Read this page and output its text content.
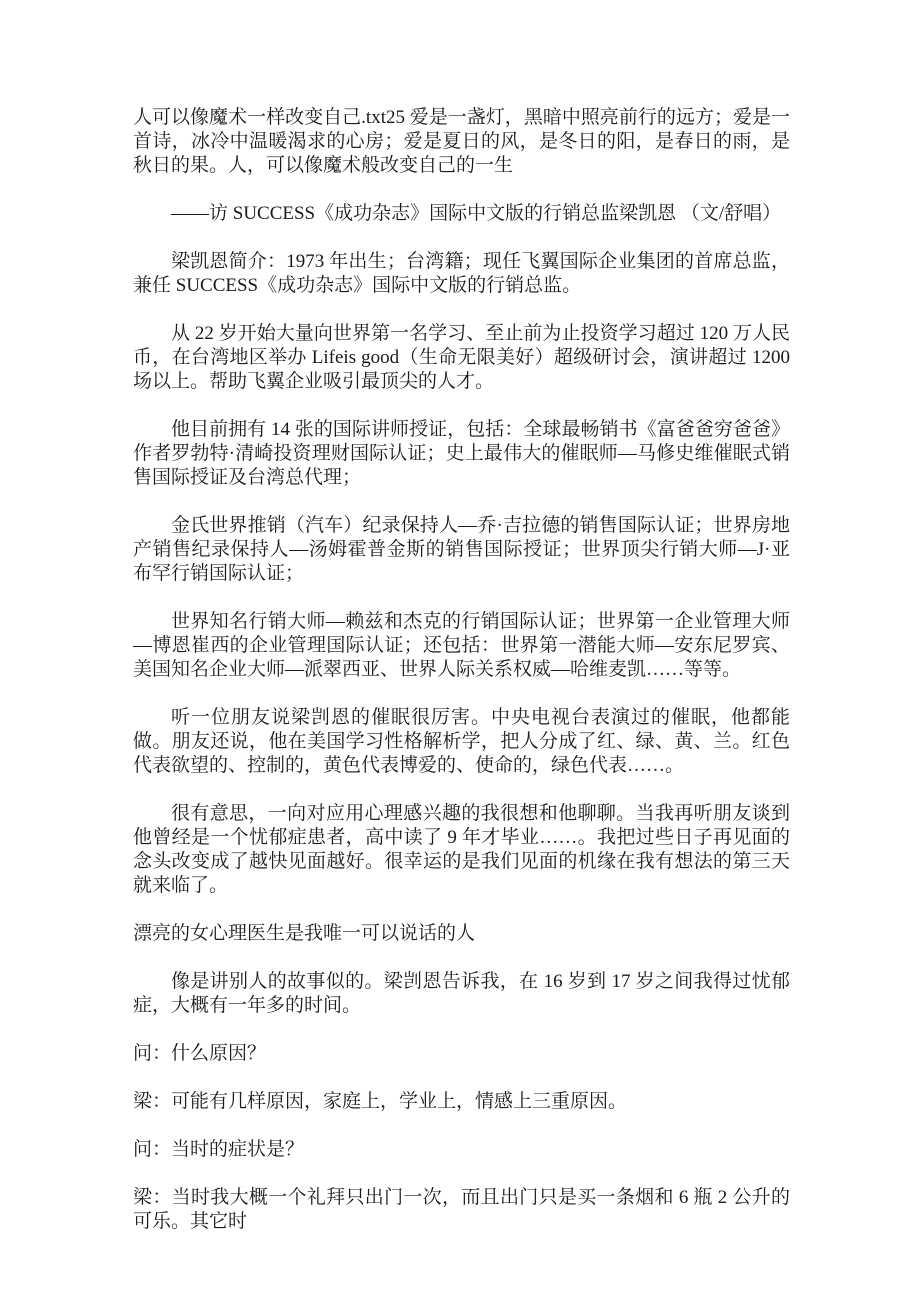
人可以像魔术一样改变自己.txt25 爱是一盏灯，黑暗中照亮前行的远方；爱是一首诗，冰冷中温暖渴求的心房；爱是夏日的风，是冬日的阳，是春日的雨，是秋日的果。人，可以像魔术般改变自己的一生

——访 SUCCESS《成功杂志》国际中文版的行销总监梁凯恩 （文/舒唱）

梁凯恩简介：1973 年出生；台湾籍；现任飞翼国际企业集团的首席总监，兼任 SUCCESS《成功杂志》国际中文版的行销总监。

从 22 岁开始大量向世界第一名学习、至止前为止投资学习超过 120 万人民币，在台湾地区举办 Lifeis good（生命无限美好）超级研讨会，演讲超过 1200 场以上。帮助飞翼企业吸引最顶尖的人才。

他目前拥有 14 张的国际讲师授证，包括：全球最畅销书《富爸爸穷爸爸》作者罗勃特·清崎投资理财国际认证；史上最伟大的催眠师—马修史维催眠式销售国际授证及台湾总代理；

金氏世界推销（汽车）纪录保持人—乔·吉拉德的销售国际认证；世界房地产销售纪录保持人—汤姆霍普金斯的销售国际授证；世界顶尖行销大师—J·亚布罕行销国际认证；

世界知名行销大师—赖兹和杰克的行销国际认证；世界第一企业管理大师—博恩崔西的企业管理国际认证；还包括：世界第一潜能大师—安东尼罗宾、美国知名企业大师—派翠西亚、世界人际关系权威—哈维麦凯……等等。

听一位朋友说梁剀恩的催眠很厉害。中央电视台表演过的催眠，他都能做。朋友还说，他在美国学习性格解析学，把人分成了红、绿、黄、兰。红色代表欲望的、控制的，黄色代表博爱的、使命的，绿色代表……。

很有意思，一向对应用心理感兴趣的我很想和他聊聊。当我再听朋友谈到他曾经是一个忧郁症患者，高中读了 9 年才毕业……。我把过些日子再见面的念头改变成了越快见面越好。很幸运的是我们见面的机缘在我有想法的第三天就来临了。

漂亮的女心理医生是我唯一可以说话的人

像是讲别人的故事似的。梁剀恩告诉我，在 16 岁到 17 岁之间我得过忧郁症，大概有一年多的时间。

问：什么原因？

梁：可能有几样原因，家庭上，学业上，情感上三重原因。

问：当时的症状是？

梁：当时我大概一个礼拜只出门一次，而且出门只是买一条烟和 6 瓶 2 公升的可乐。其它时
